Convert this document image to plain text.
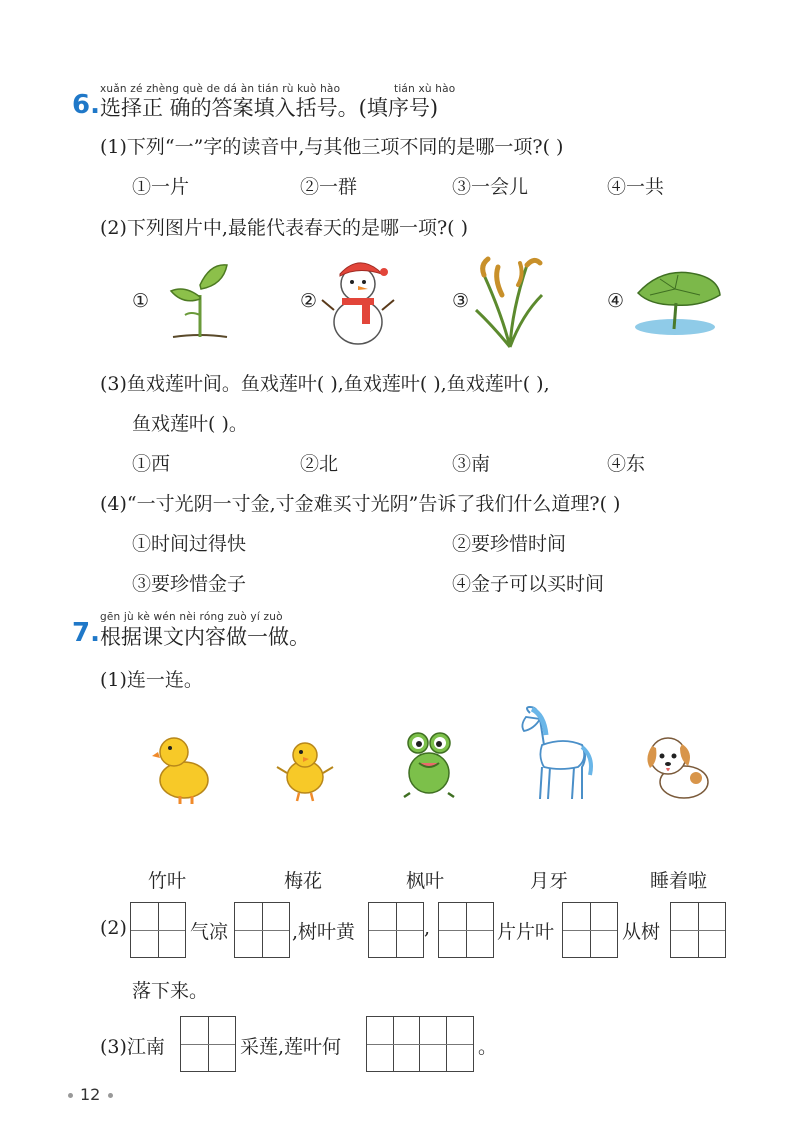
xuǎn zé zhèng què de dá àn tián rù kuò hào	tián xù hào
6. 选择正 确的答案填入括号。(填序号)
(1)下列“一”字的读音中,与其他三项不同的是哪一项?( )
①一片	②一群	③一会儿	④一共
(2)下列图片中,最能代表春天的是哪一项?( )
①	②	③	④
(3)鱼戏莲叶间。鱼戏莲叶( ),鱼戏莲叶( ),鱼戏莲叶( ),
鱼戏莲叶( )。
①西	②北	③南	④东
(4)“一寸光阴一寸金,寸金难买寸光阴”告诉了我们什么道理?( )
①时间过得快	②要珍惜时间
③要珍惜金子	④金子可以买时间
gēn jù kè wén nèi róng zuò yí zuò
7. 根据课文内容做一做。
(1)连一连。
竹叶	梅花	枫叶	月牙	睡着啦
(2)	气凉	,树叶黄	,	片片叶	从树
落下来。
(3)江南	采莲,莲叶何	。
12
